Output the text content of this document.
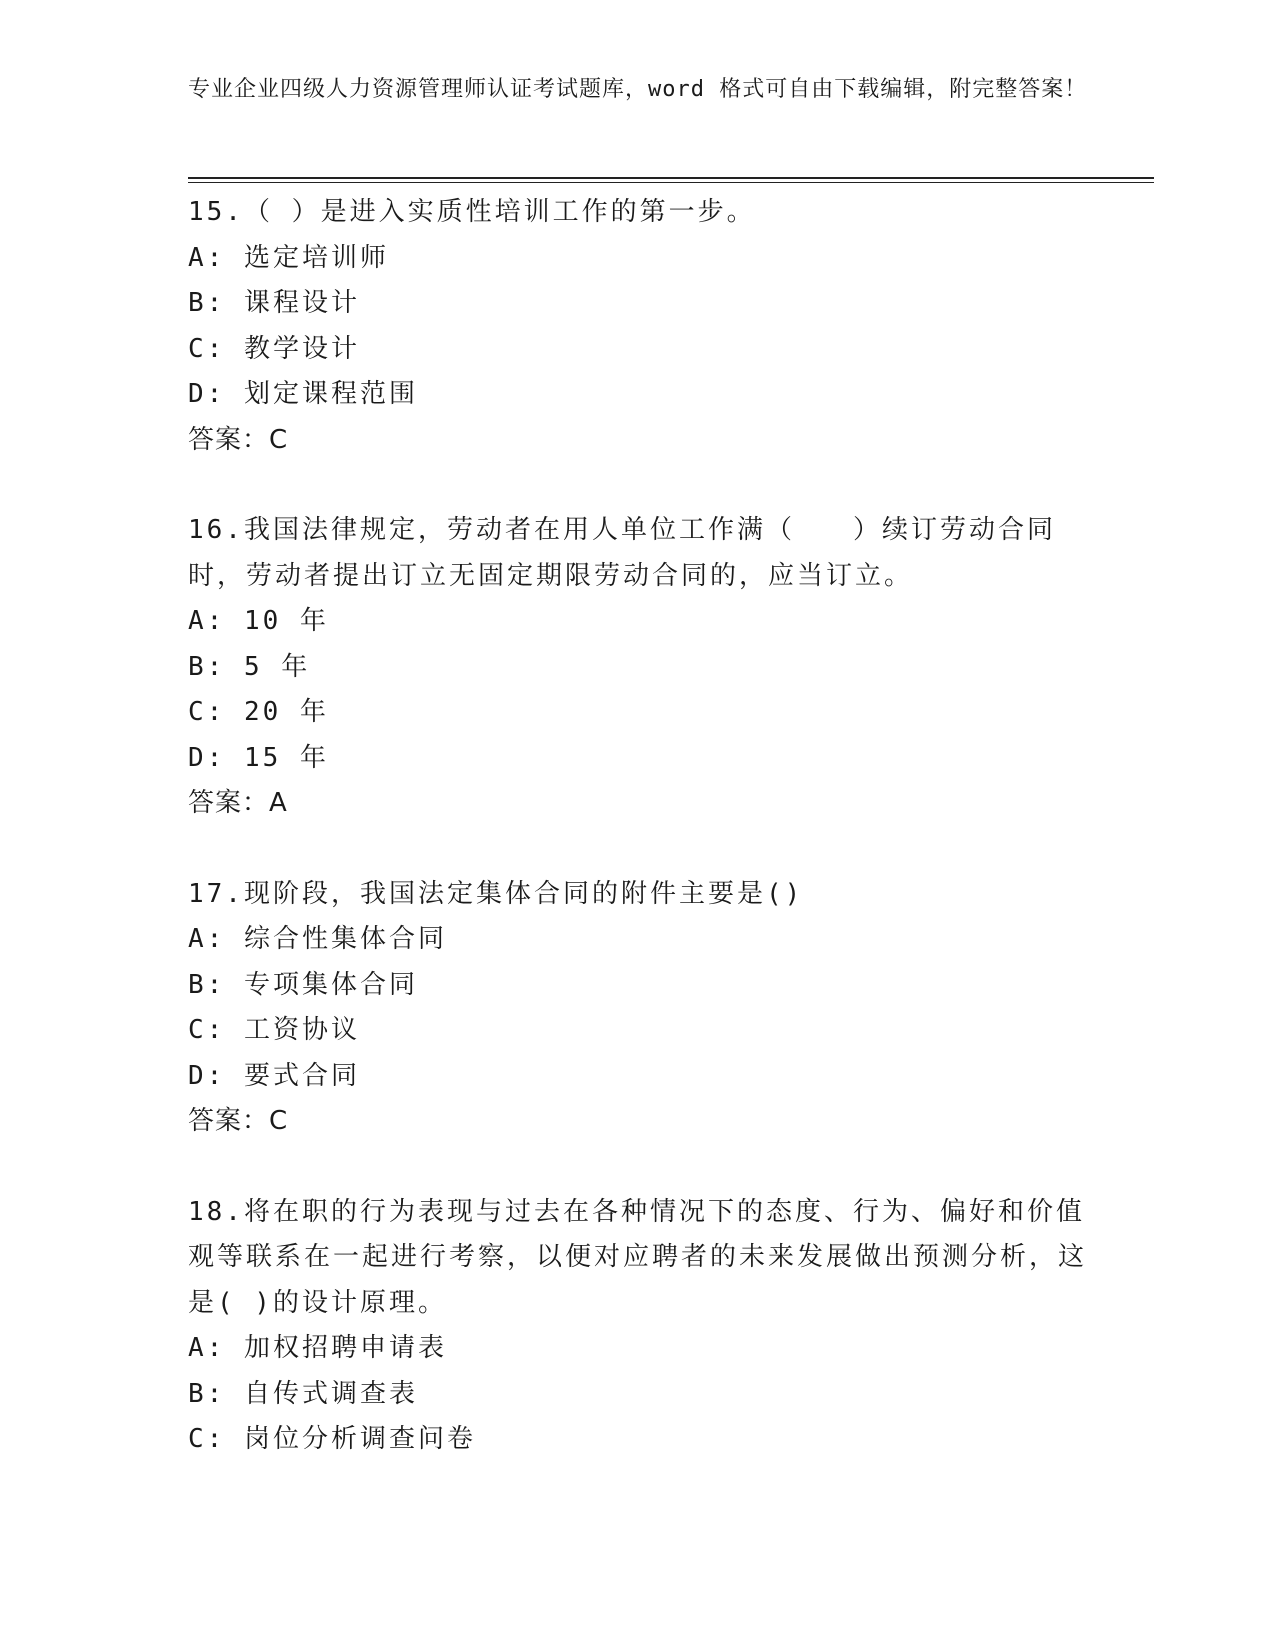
专业企业四级人力资源管理师认证考试题库，word 格式可自由下载编辑，附完整答案！
15.（ ）是进入实质性培训工作的第一步。
A: 选定培训师
B: 课程设计
C: 教学设计
D: 划定课程范围
答案：C
16.我国法律规定，劳动者在用人单位工作满（　　）续订劳动合同时，劳动者提出订立无固定期限劳动合同的，应当订立。
A: 10 年
B: 5 年
C: 20 年
D: 15 年
答案：A
17.现阶段，我国法定集体合同的附件主要是()
A: 综合性集体合同
B: 专项集体合同
C: 工资协议
D: 要式合同
答案：C
18.将在职的行为表现与过去在各种情况下的态度、行为、偏好和价值观等联系在一起进行考察，以便对应聘者的未来发展做出预测分析，这是( )的设计原理。
A: 加权招聘申请表
B: 自传式调查表
C: 岗位分析调查问卷
